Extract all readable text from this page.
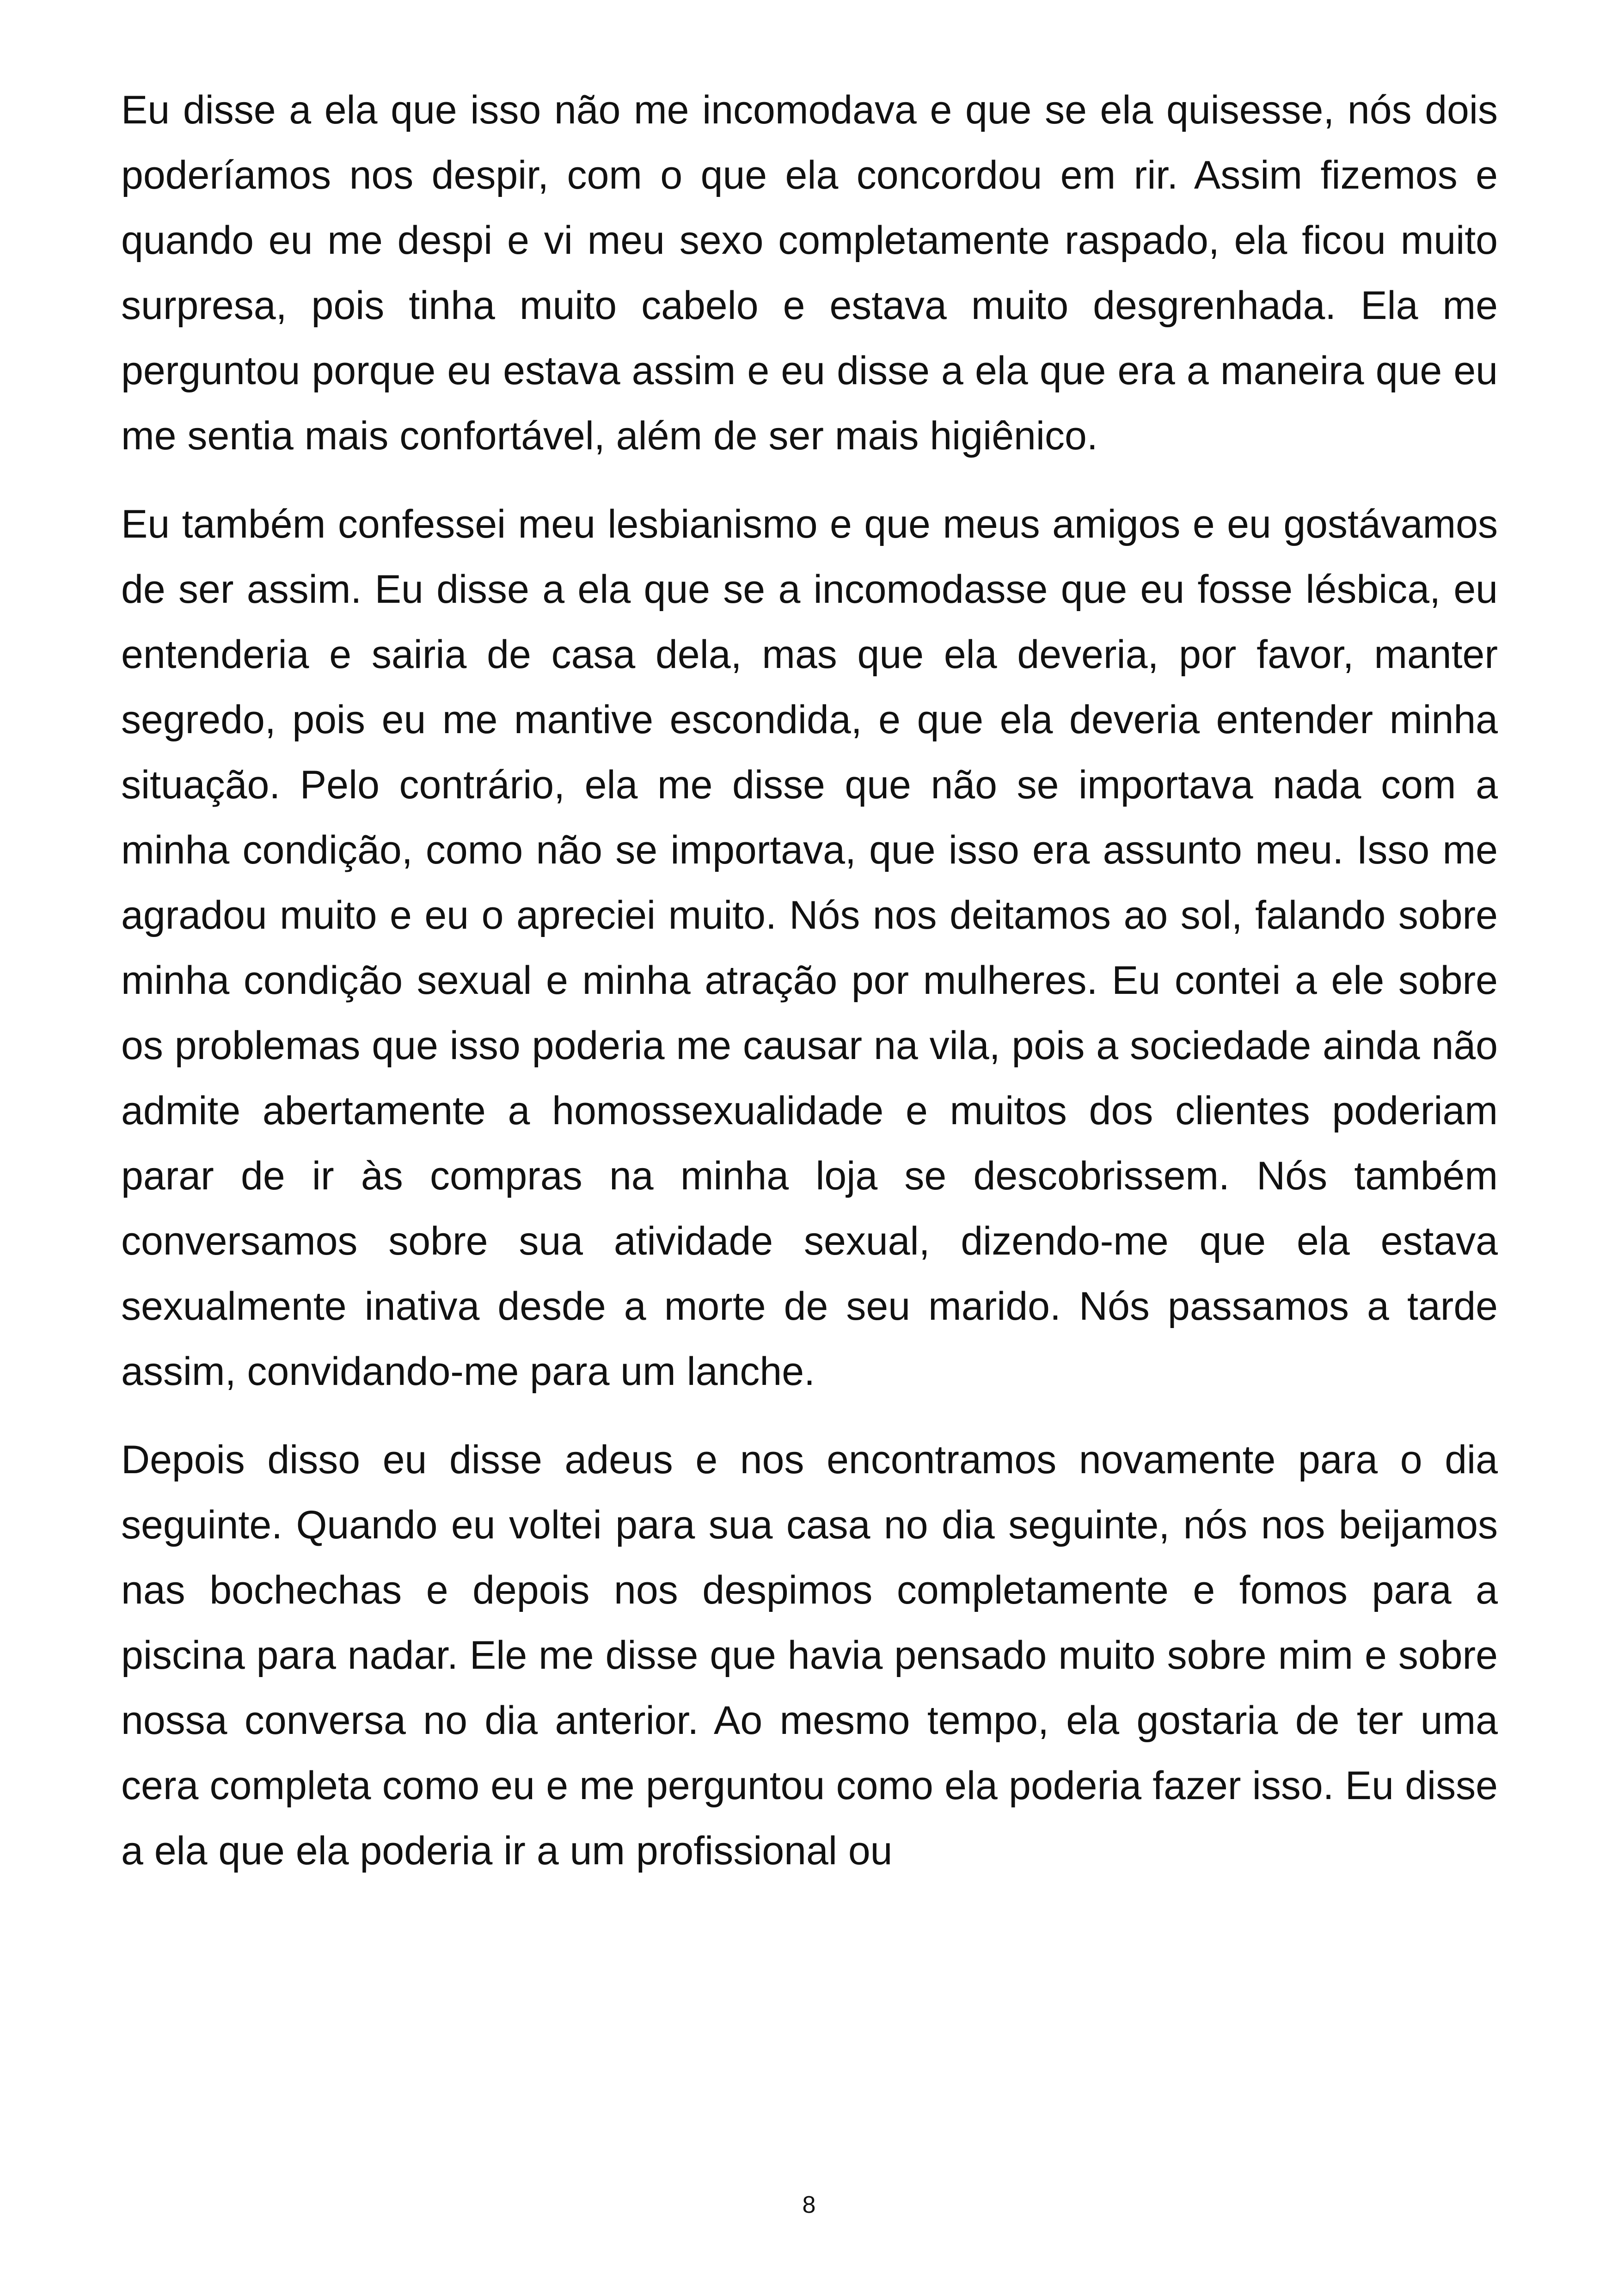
Eu disse a ela que isso não me incomodava e que se ela quisesse, nós dois poderíamos nos despir, com o que ela concordou em rir. Assim fizemos e quando eu me despi e vi meu sexo completamente raspado, ela ficou muito surpresa, pois tinha muito cabelo e estava muito desgrenhada. Ela me perguntou porque eu estava assim e eu disse a ela que era a maneira que eu me sentia mais confortável, além de ser mais higiênico.

Eu também confessei meu lesbianismo e que meus amigos e eu gostávamos de ser assim. Eu disse a ela que se a incomodasse que eu fosse lésbica, eu entenderia e sairia de casa dela, mas que ela deveria, por favor, manter segredo, pois eu me mantive escondida, e que ela deveria entender minha situação. Pelo contrário, ela me disse que não se importava nada com a minha condição, como não se importava, que isso era assunto meu. Isso me agradou muito e eu o apreciei muito. Nós nos deitamos ao sol, falando sobre minha condição sexual e minha atração por mulheres. Eu contei a ele sobre os problemas que isso poderia me causar na vila, pois a sociedade ainda não admite abertamente a homossexualidade e muitos dos clientes poderiam parar de ir às compras na minha loja se descobrissem. Nós também conversamos sobre sua atividade sexual, dizendo-me que ela estava sexualmente inativa desde a morte de seu marido. Nós passamos a tarde assim, convidando-me para um lanche.

Depois disso eu disse adeus e nos encontramos novamente para o dia seguinte. Quando eu voltei para sua casa no dia seguinte, nós nos beijamos nas bochechas e depois nos despimos completamente e fomos para a piscina para nadar. Ele me disse que havia pensado muito sobre mim e sobre nossa conversa no dia anterior. Ao mesmo tempo, ela gostaria de ter uma cera completa como eu e me perguntou como ela poderia fazer isso. Eu disse a ela que ela poderia ir a um profissional ou

8
